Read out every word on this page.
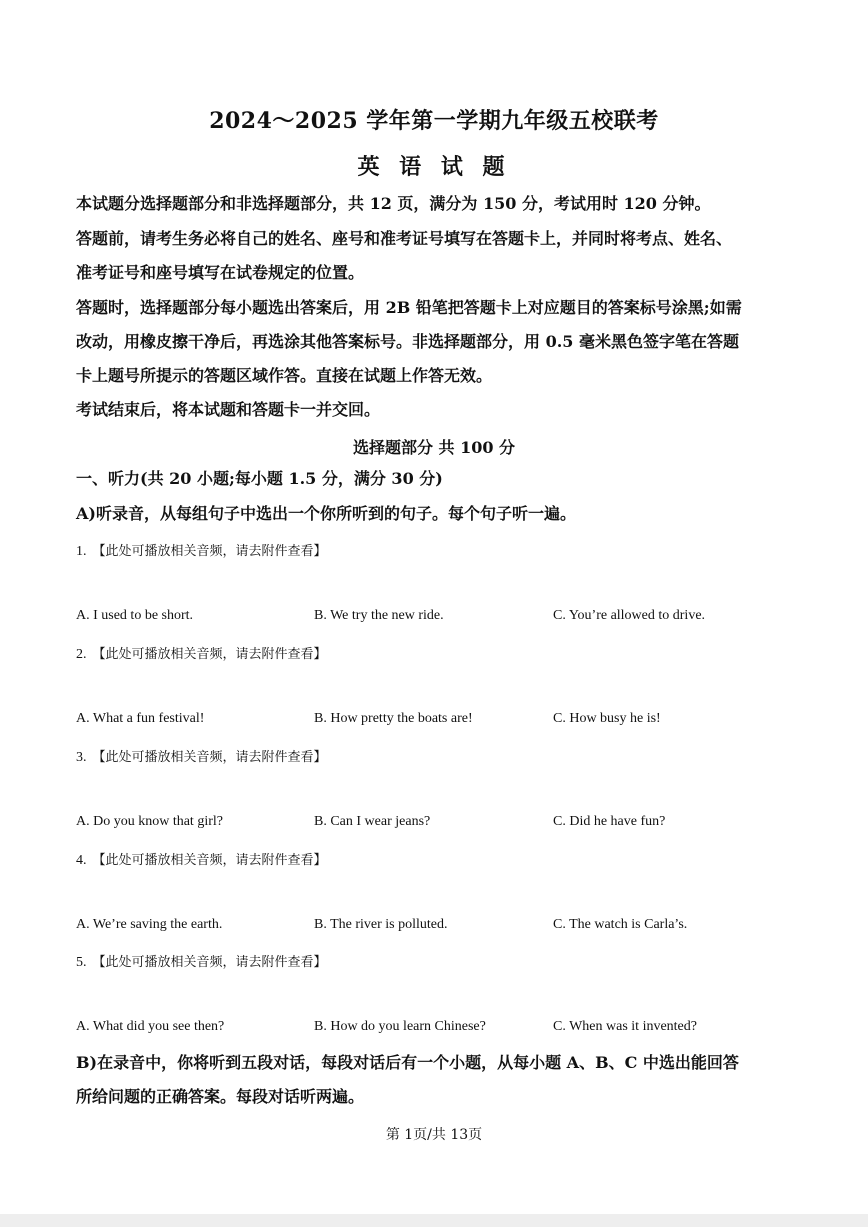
2024～2025 学年第一学期九年级五校联考
英 语 试 题
本试题分选择题部分和非选择题部分，共 12 页，满分为 150 分，考试用时 120 分钟。
答题前，请考生务必将自己的姓名、座号和准考证号填写在答题卡上，并同时将考点、姓名、
准考证号和座号填写在试卷规定的位置。
答题时，选择题部分每小题选出答案后，用 2B 铅笔把答题卡上对应题目的答案标号涂黑;如需
改动，用橡皮擦干净后，再选涂其他答案标号。非选择题部分，用 0.5 毫米黑色签字笔在答题
卡上题号所提示的答题区域作答。直接在试题上作答无效。
考试结束后，将本试题和答题卡一并交回。
选择题部分 共 100 分
一、听力(共 20 小题;每小题 1.5 分，满分 30 分)
A)听录音，从每组句子中选出一个你所听到的句子。每个句子听一遍。
1. 【此处可播放相关音频，请去附件查看】
A. I used to be short.	B. We try the new ride.	C. You’re allowed to drive.
2. 【此处可播放相关音频，请去附件查看】
A. What a fun festival!	B. How pretty the boats are!	C. How busy he is!
3. 【此处可播放相关音频，请去附件查看】
A. Do you know that girl?	B. Can I wear jeans?	C. Did he have fun?
4. 【此处可播放相关音频，请去附件查看】
A. We’re saving the earth.	B. The river is polluted.	C. The watch is Carla’s.
5. 【此处可播放相关音频，请去附件查看】
A. What did you see then?	B. How do you learn Chinese?	C. When was it invented?
B)在录音中，你将听到五段对话，每段对话后有一个小题，从每小题 A、B、C 中选出能回答
所给问题的正确答案。每段对话听两遍。
第 1页/共 13页
